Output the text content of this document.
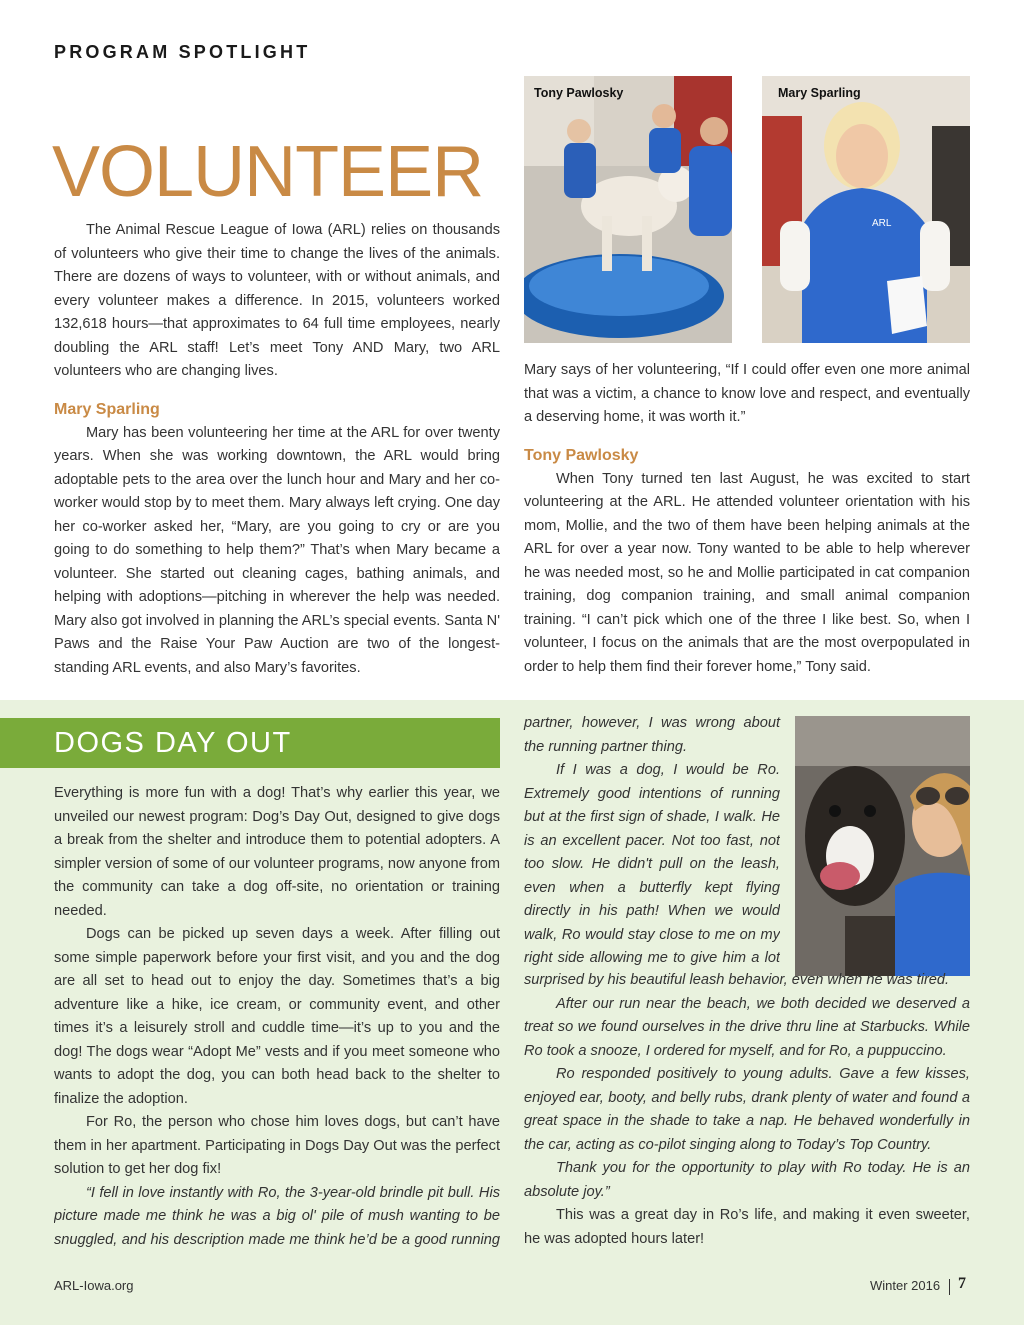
PROGRAM SPOTLIGHT
VOLUNTEER

The Animal Rescue League of Iowa (ARL) relies on thousands of volunteers who give their time to change the lives of the animals. There are dozens of ways to volunteer, with or without animals, and every volunteer makes a difference. In 2015, volunteers worked 132,618 hours—that approximates to 64 full time employees, nearly doubling the ARL staff! Let’s meet Tony AND Mary, two ARL volunteers who are changing lives.

Mary Sparling

Mary has been volunteering her time at the ARL for over twenty years. When she was working downtown, the ARL would bring adoptable pets to the area over the lunch hour and Mary and her co-worker would stop by to meet them. Mary always left crying. One day her co-worker asked her, “Mary, are you going to cry or are you going to do something to help them?” That’s when Mary became a volunteer. She started out cleaning cages, bathing animals, and helping with adoptions—pitching in wherever the help was needed. Mary also got involved in planning the ARL’s special events. Santa N' Paws and the Raise Your Paw Auction are two of the longest-standing ARL events, and also Mary’s favorites.

Tony Pawlosky
ARL
Mary Sparling

Mary says of her volunteering, “If I could offer even one more animal that was a victim, a chance to know love and respect, and eventually a deserving home, it was worth it.”

Tony Pawlosky

When Tony turned ten last August, he was excited to start volunteering at the ARL. He attended volunteer orientation with his mom, Mollie, and the two of them have been helping animals at the ARL for over a year now. Tony wanted to be able to help wherever he was needed most, so he and Mollie participated in cat companion training, dog companion training, and small animal companion training. “I can’t pick which one of the three I like best. So, when I volunteer, I focus on the animals that are the most overpopulated in order to help them find their forever home,” Tony said.

DOGS DAY OUT

Everything is more fun with a dog! That’s why earlier this year, we unveiled our newest program: Dog’s Day Out, designed to give dogs a break from the shelter and introduce them to potential adopters. A simpler version of some of our volunteer programs, now anyone from the community can take a dog off-site, no orientation or training needed.

Dogs can be picked up seven days a week. After filling out some simple paperwork before your first visit, and you and the dog are all set to head out to enjoy the day. Sometimes that’s a big adventure like a hike, ice cream, or community event, and other times it’s a leisurely stroll and cuddle time—it’s up to you and the dog! The dogs wear “Adopt Me” vests and if you meet someone who wants to adopt the dog, you can both head back to the shelter to finalize the adoption.

For Ro, the person who chose him loves dogs, but can’t have them in her apartment. Participating in Dogs Day Out was the perfect solution to get her dog fix!

“I fell in love instantly with Ro, the 3-year-old brindle pit bull. His picture made me think he was a big ol' pile of mush wanting to be snuggled, and his description made me think he’d be a good running

partner, however, I was wrong about the running partner thing.

If I was a dog, I would be Ro. Extremely good intentions of running but at the first sign of shade, I walk. He is an excellent pacer. Not too fast, not too slow. He didn't pull on the leash, even when a butterfly kept flying directly in his path! When we would walk, Ro would stay close to me on my right side allowing me to give him a lot

surprised by his beautiful leash behavior, even when he was tired.

After our run near the beach, we both decided we deserved a treat so we found ourselves in the drive thru line at Starbucks. While Ro took a snooze, I ordered for myself, and for Ro, a puppuccino.

Ro responded positively to young adults. Gave a few kisses, enjoyed ear, booty, and belly rubs, drank plenty of water and found a great space in the shade to take a nap. He behaved wonderfully in the car, acting as co-pilot singing along to Today’s Top Country.

Thank you for the opportunity to play with Ro today. He is an absolute joy.”

This was a great day in Ro’s life, and making it even sweeter, he was adopted hours later!

ARL-Iowa.org	Winter 2016 7
